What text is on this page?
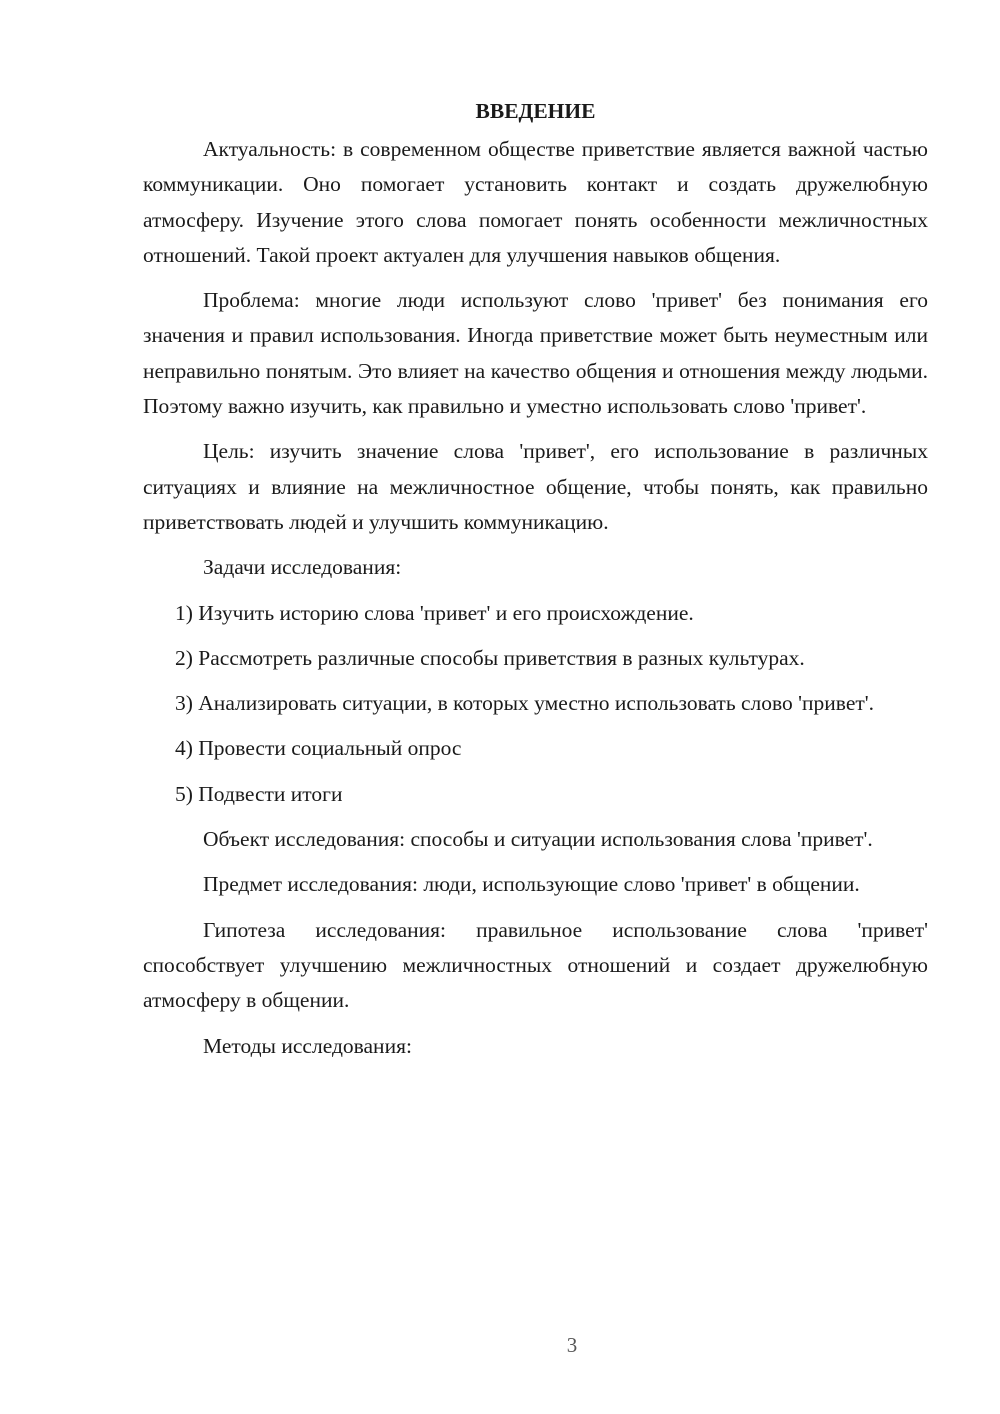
ВВЕДЕНИЕ

Актуальность: в современном обществе приветствие является важной частью коммуникации. Оно помогает установить контакт и создать дружелюбную атмосферу. Изучение этого слова помогает понять особенности межличностных отношений. Такой проект актуален для улучшения навыков общения.

Проблема: многие люди используют слово 'привет' без понимания его значения и правил использования. Иногда приветствие может быть неуместным или неправильно понятым. Это влияет на качество общения и отношения между людьми. Поэтому важно изучить, как правильно и уместно использовать слово 'привет'.

Цель: изучить значение слова 'привет', его использование в различных ситуациях и влияние на межличностное общение, чтобы понять, как правильно приветствовать людей и улучшить коммуникацию.

Задачи исследования:

1) Изучить историю слова 'привет' и его происхождение.

2) Рассмотреть различные способы приветствия в разных культурах.

3) Анализировать ситуации, в которых уместно использовать слово 'привет'.

4) Провести социальный опрос

5) Подвести итоги

Объект исследования: способы и ситуации использования слова 'привет'.

Предмет исследования: люди, использующие слово 'привет' в общении.

Гипотеза исследования: правильное использование слова 'привет' способствует улучшению межличностных отношений и создает дружелюбную атмосферу в общении.

Методы исследования:

3
